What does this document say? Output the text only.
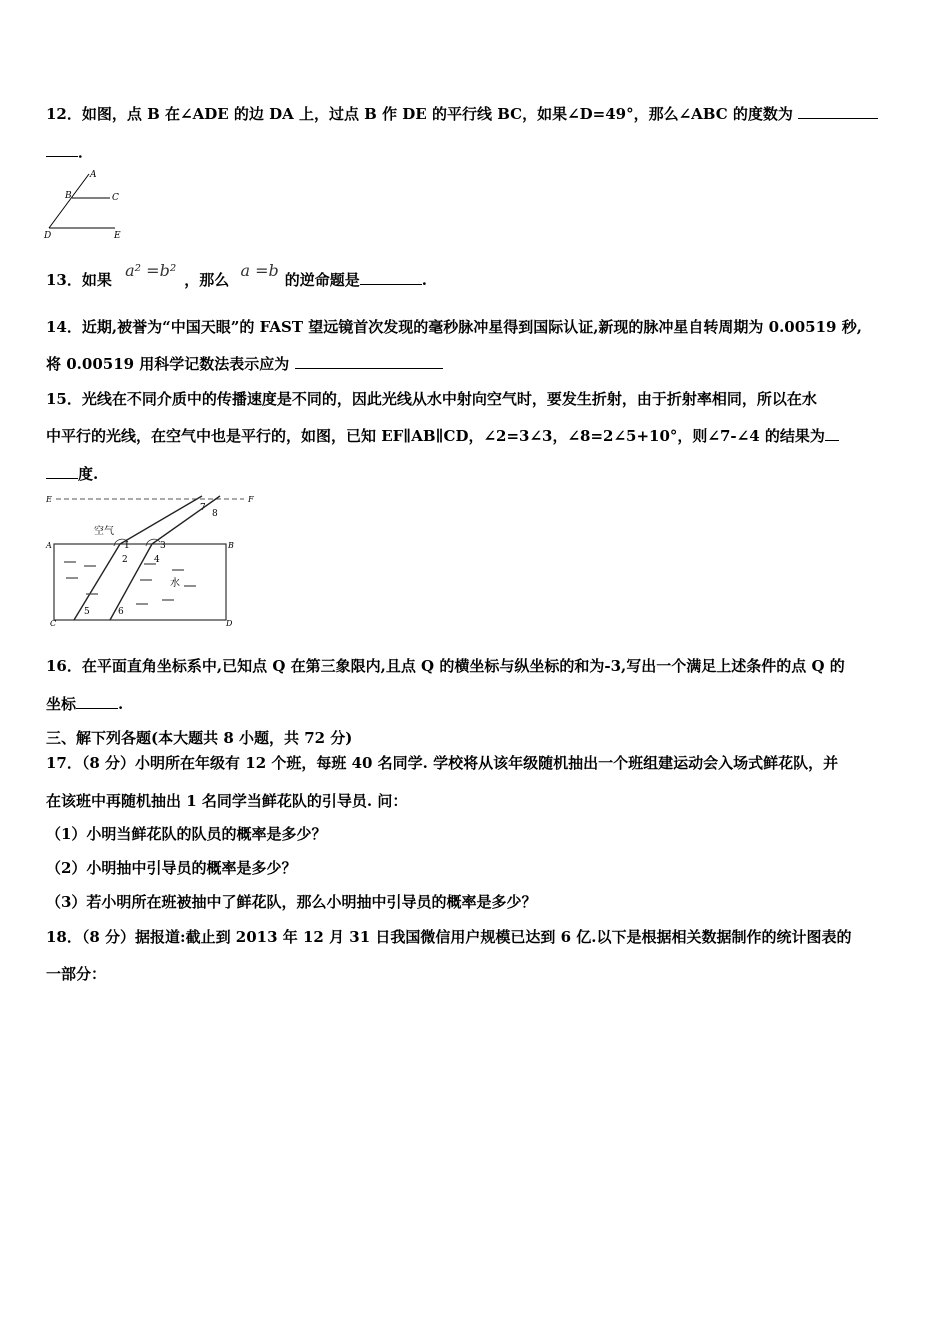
12．如图，点 B 在∠ADE 的边 DA 上，过点 B 作 DE 的平行线 BC，如果∠D=49°，那么∠ABC 的度数为
．
A
B	C
D	E
13．如果 a² =b² ，那么 a =b 的逆命题是	.
14．近期,被誉为“中国天眼”的 FAST 望远镜首次发现的毫秒脉冲星得到国际认证,新现的脉冲星自转周期为 0.00519 秒,
将 0.00519 用科学记数法表示应为
15．光线在不同介质中的传播速度是不同的，因此光线从水中射向空气时，要发生折射，由于折射率相同，所以在水
中平行的光线，在空气中也是平行的，如图，已知 EF∥AB∥CD，∠2=3∠3，∠8=2∠5+10°，则∠7-∠4 的结果为
度.
E	F
A	B
C	D
空气
水
1
2
3
4
5	6
7
8
16．在平面直角坐标系中,已知点 Q 在第三象限内,且点 Q 的横坐标与纵坐标的和为-3,写出一个满足上述条件的点 Q 的
坐标	.
三、解下列各题(本大题共 8 小题，共 72 分)
17．（8 分）小明所在年级有 12 个班，每班 40 名同学. 学校将从该年级随机抽出一个班组建运动会入场式鲜花队，并
在该班中再随机抽出 1 名同学当鲜花队的引导员. 问：
（1）小明当鲜花队的队员的概率是多少？
（2）小明抽中引导员的概率是多少？
（3）若小明所在班被抽中了鲜花队，那么小明抽中引导员的概率是多少？
18．（8 分）据报道:截止到 2013 年 12 月 31 日我国微信用户规模已达到 6 亿.以下是根据相关数据制作的统计图表的
一部分：
